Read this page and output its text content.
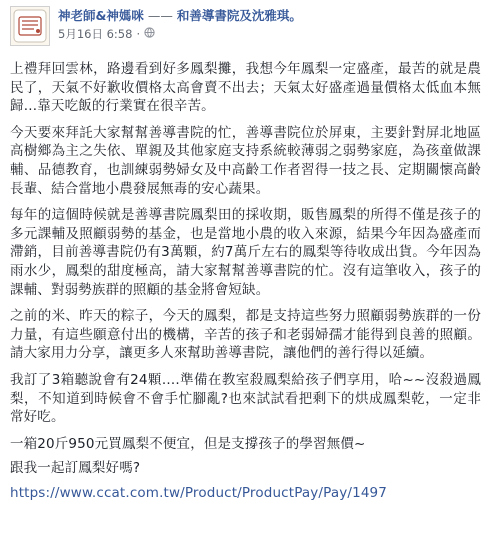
神老師&神媽咪 —— 和善導書院及沈雅琪。
5月16日 6:58 ·

上禮拜回雲林，路邊看到好多鳳梨攤，我想今年鳳梨一定盛產，最苦的就是農民了，天氣不好歉收價格太高會賣不出去；天氣太好盛產過量價格太低血本無歸…靠天吃飯的行業實在很辛苦。

今天要來拜託大家幫幫善導書院的忙，善導書院位於屏東，主要針對屏北地區高樹鄉為主之失依、單親及其他家庭支持系統較薄弱之弱勢家庭，為孩童做課輔、品德教育，也訓練弱勢婦女及中高齡工作者習得一技之長、定期關懷高齡長輩、結合當地小農發展無毒的安心蔬果。

每年的這個時候就是善導書院鳳梨田的採收期，販售鳳梨的所得不僅是孩子的多元課輔及照顧弱勢的基金，也是當地小農的收入來源，結果今年因為盛產而滯銷，目前善導書院仍有3萬顆，約7萬斤左右的鳳梨等待收成出貨。今年因為雨水少，鳳梨的甜度極高，請大家幫幫善導書院的忙。沒有這筆收入，孩子的課輔、對弱勢族群的照顧的基金將會短缺。

之前的米、昨天的粽子，今天的鳳梨，都是支持這些努力照顧弱勢族群的一份力量，有這些願意付出的機構，辛苦的孩子和老弱婦孺才能得到良善的照顧。請大家用力分享，讓更多人來幫助善導書院，讓他們的善行得以延續。

我訂了3箱聽說會有24顆….準備在教室殺鳳梨給孩子們享用，哈~~沒殺過鳳梨，不知道到時候會不會手忙腳亂?也來試試看把剩下的烘成鳳梨乾，一定非常好吃。

一箱20斤950元買鳳梨不便宜，但是支撐孩子的學習無價~

跟我一起訂鳳梨好嗎?

https://www.ccat.com.tw/Product/ProductPay/Pay/1497
